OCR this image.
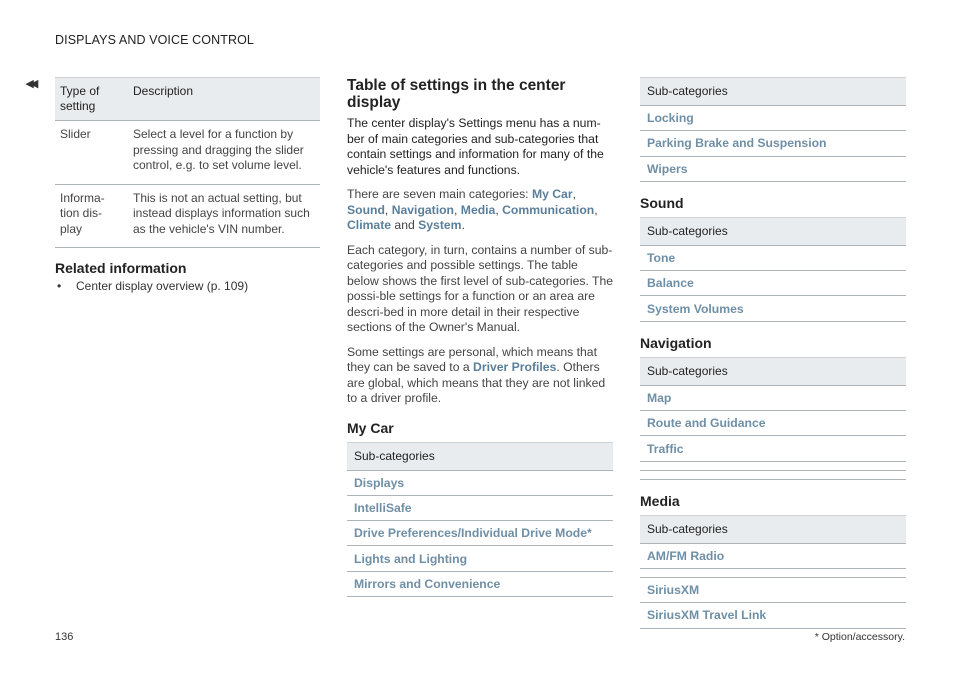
DISPLAYS AND VOICE CONTROL
◂◂ Type of setting	Description
Slider	Select a level for a function by pressing and dragging the slider control, e.g. to set volume level.
Informa-tion dis-play	This is not an actual setting, but instead displays information such as the vehicle's VIN number.
Related information
•	Center display overview (p. 109)
Table of settings in the center display
The center display's Settings menu has a num-ber of main categories and sub-categories that contain settings and information for many of the vehicle's features and functions.
There are seven main categories: My Car, Sound, Navigation, Media, Communication, Climate and System.
Each category, in turn, contains a number of sub-categories and possible settings. The table below shows the first level of sub-categories. The possi-ble settings for a function or an area are descri-bed in more detail in their respective sections of the Owner's Manual.
Some settings are personal, which means that they can be saved to a Driver Profiles. Others are global, which means that they are not linked to a driver profile.
My Car
Sub-categories
Displays
IntelliSafe
Drive Preferences/Individual Drive Mode*
Lights and Lighting
Mirrors and Convenience
Sub-categories
Locking
Parking Brake and Suspension
Wipers
Sound
Sub-categories
Tone
Balance
System Volumes
Navigation
Sub-categories
Map
Route and Guidance
Traffic

Media
Sub-categories
AM/FM Radio

SiriusXM
SiriusXM Travel Link
136	* Option/accessory.
